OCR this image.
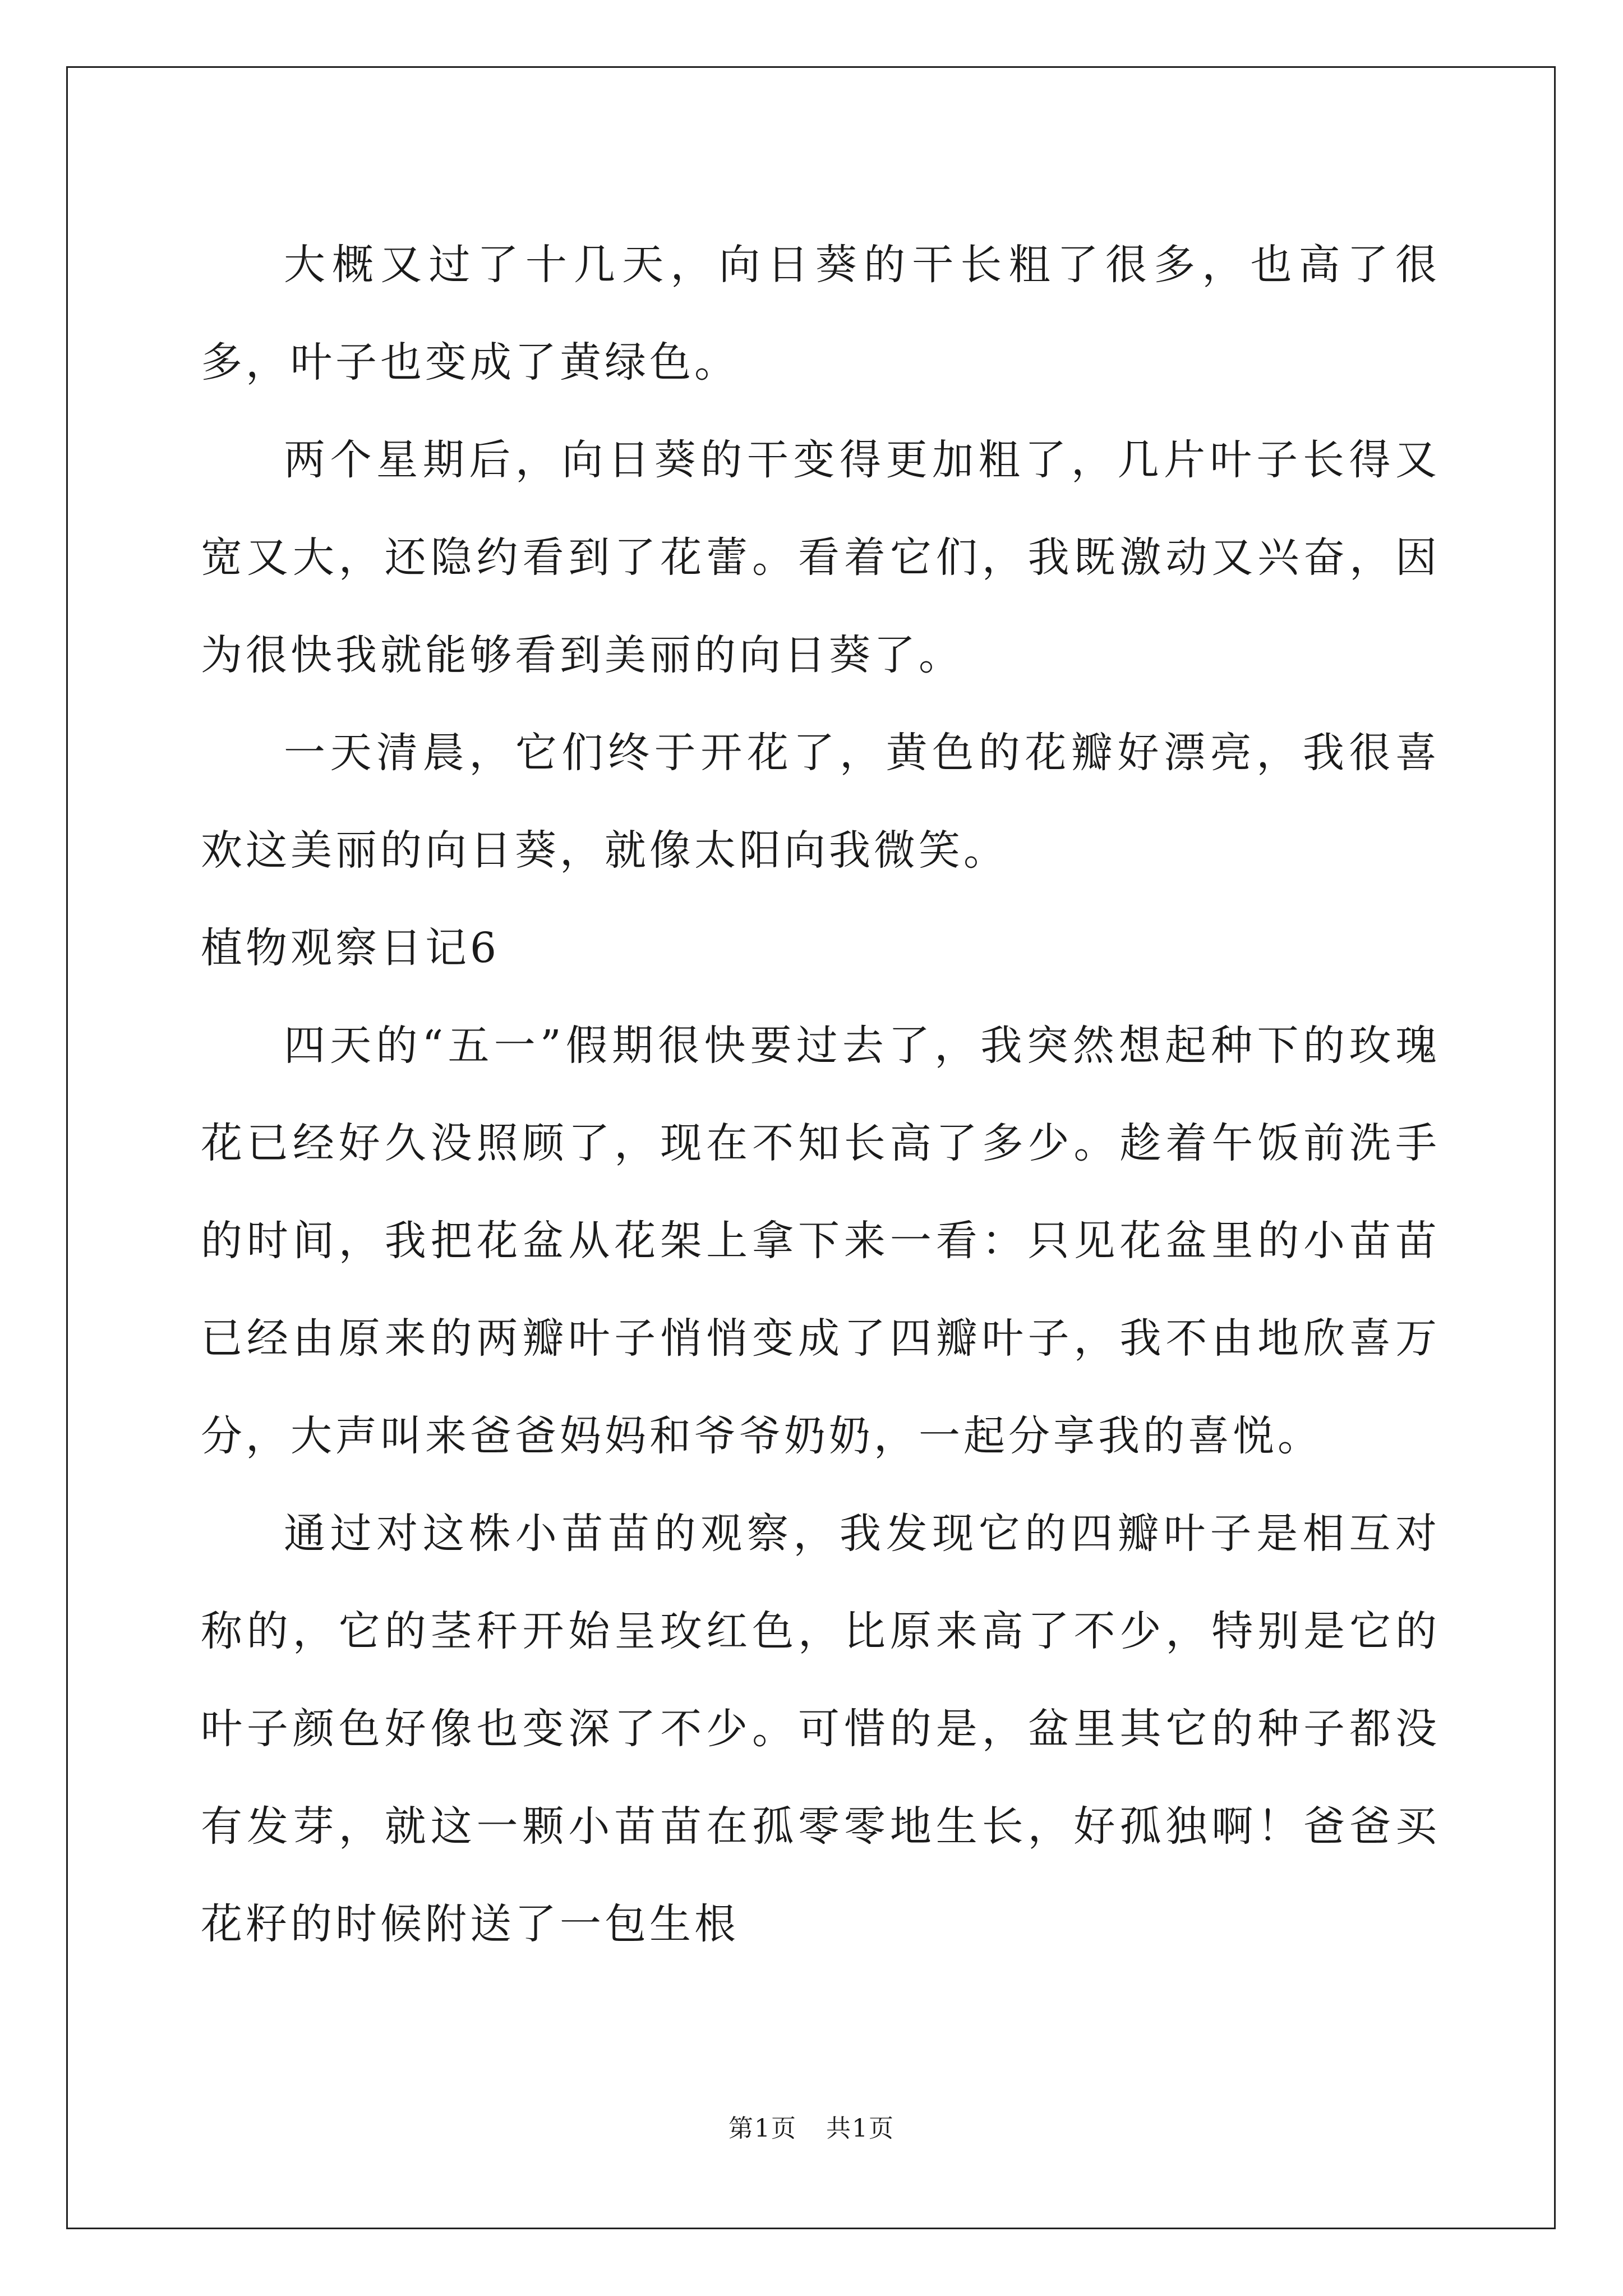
大概又过了十几天，向日葵的干长粗了很多，也高了很多，叶子也变成了黄绿色。

两个星期后，向日葵的干变得更加粗了，几片叶子长得又宽又大，还隐约看到了花蕾。看着它们，我既激动又兴奋，因为很快我就能够看到美丽的向日葵了。

一天清晨，它们终于开花了，黄色的花瓣好漂亮，我很喜欢这美丽的向日葵，就像太阳向我微笑。

植物观察日记6

四天的“五一”假期很快要过去了，我突然想起种下的玫瑰花已经好久没照顾了，现在不知长高了多少。趁着午饭前洗手的时间，我把花盆从花架上拿下来一看：只见花盆里的小苗苗已经由原来的两瓣叶子悄悄变成了四瓣叶子，我不由地欣喜万分，大声叫来爸爸妈妈和爷爷奶奶，一起分享我的喜悦。

通过对这株小苗苗的观察，我发现它的四瓣叶子是相互对称的，它的茎秆开始呈玫红色，比原来高了不少，特别是它的叶子颜色好像也变深了不少。可惜的是，盆里其它的种子都没有发芽，就这一颗小苗苗在孤零零地生长，好孤独啊！爸爸买花籽的时候附送了一包生根

第1页 共1页
